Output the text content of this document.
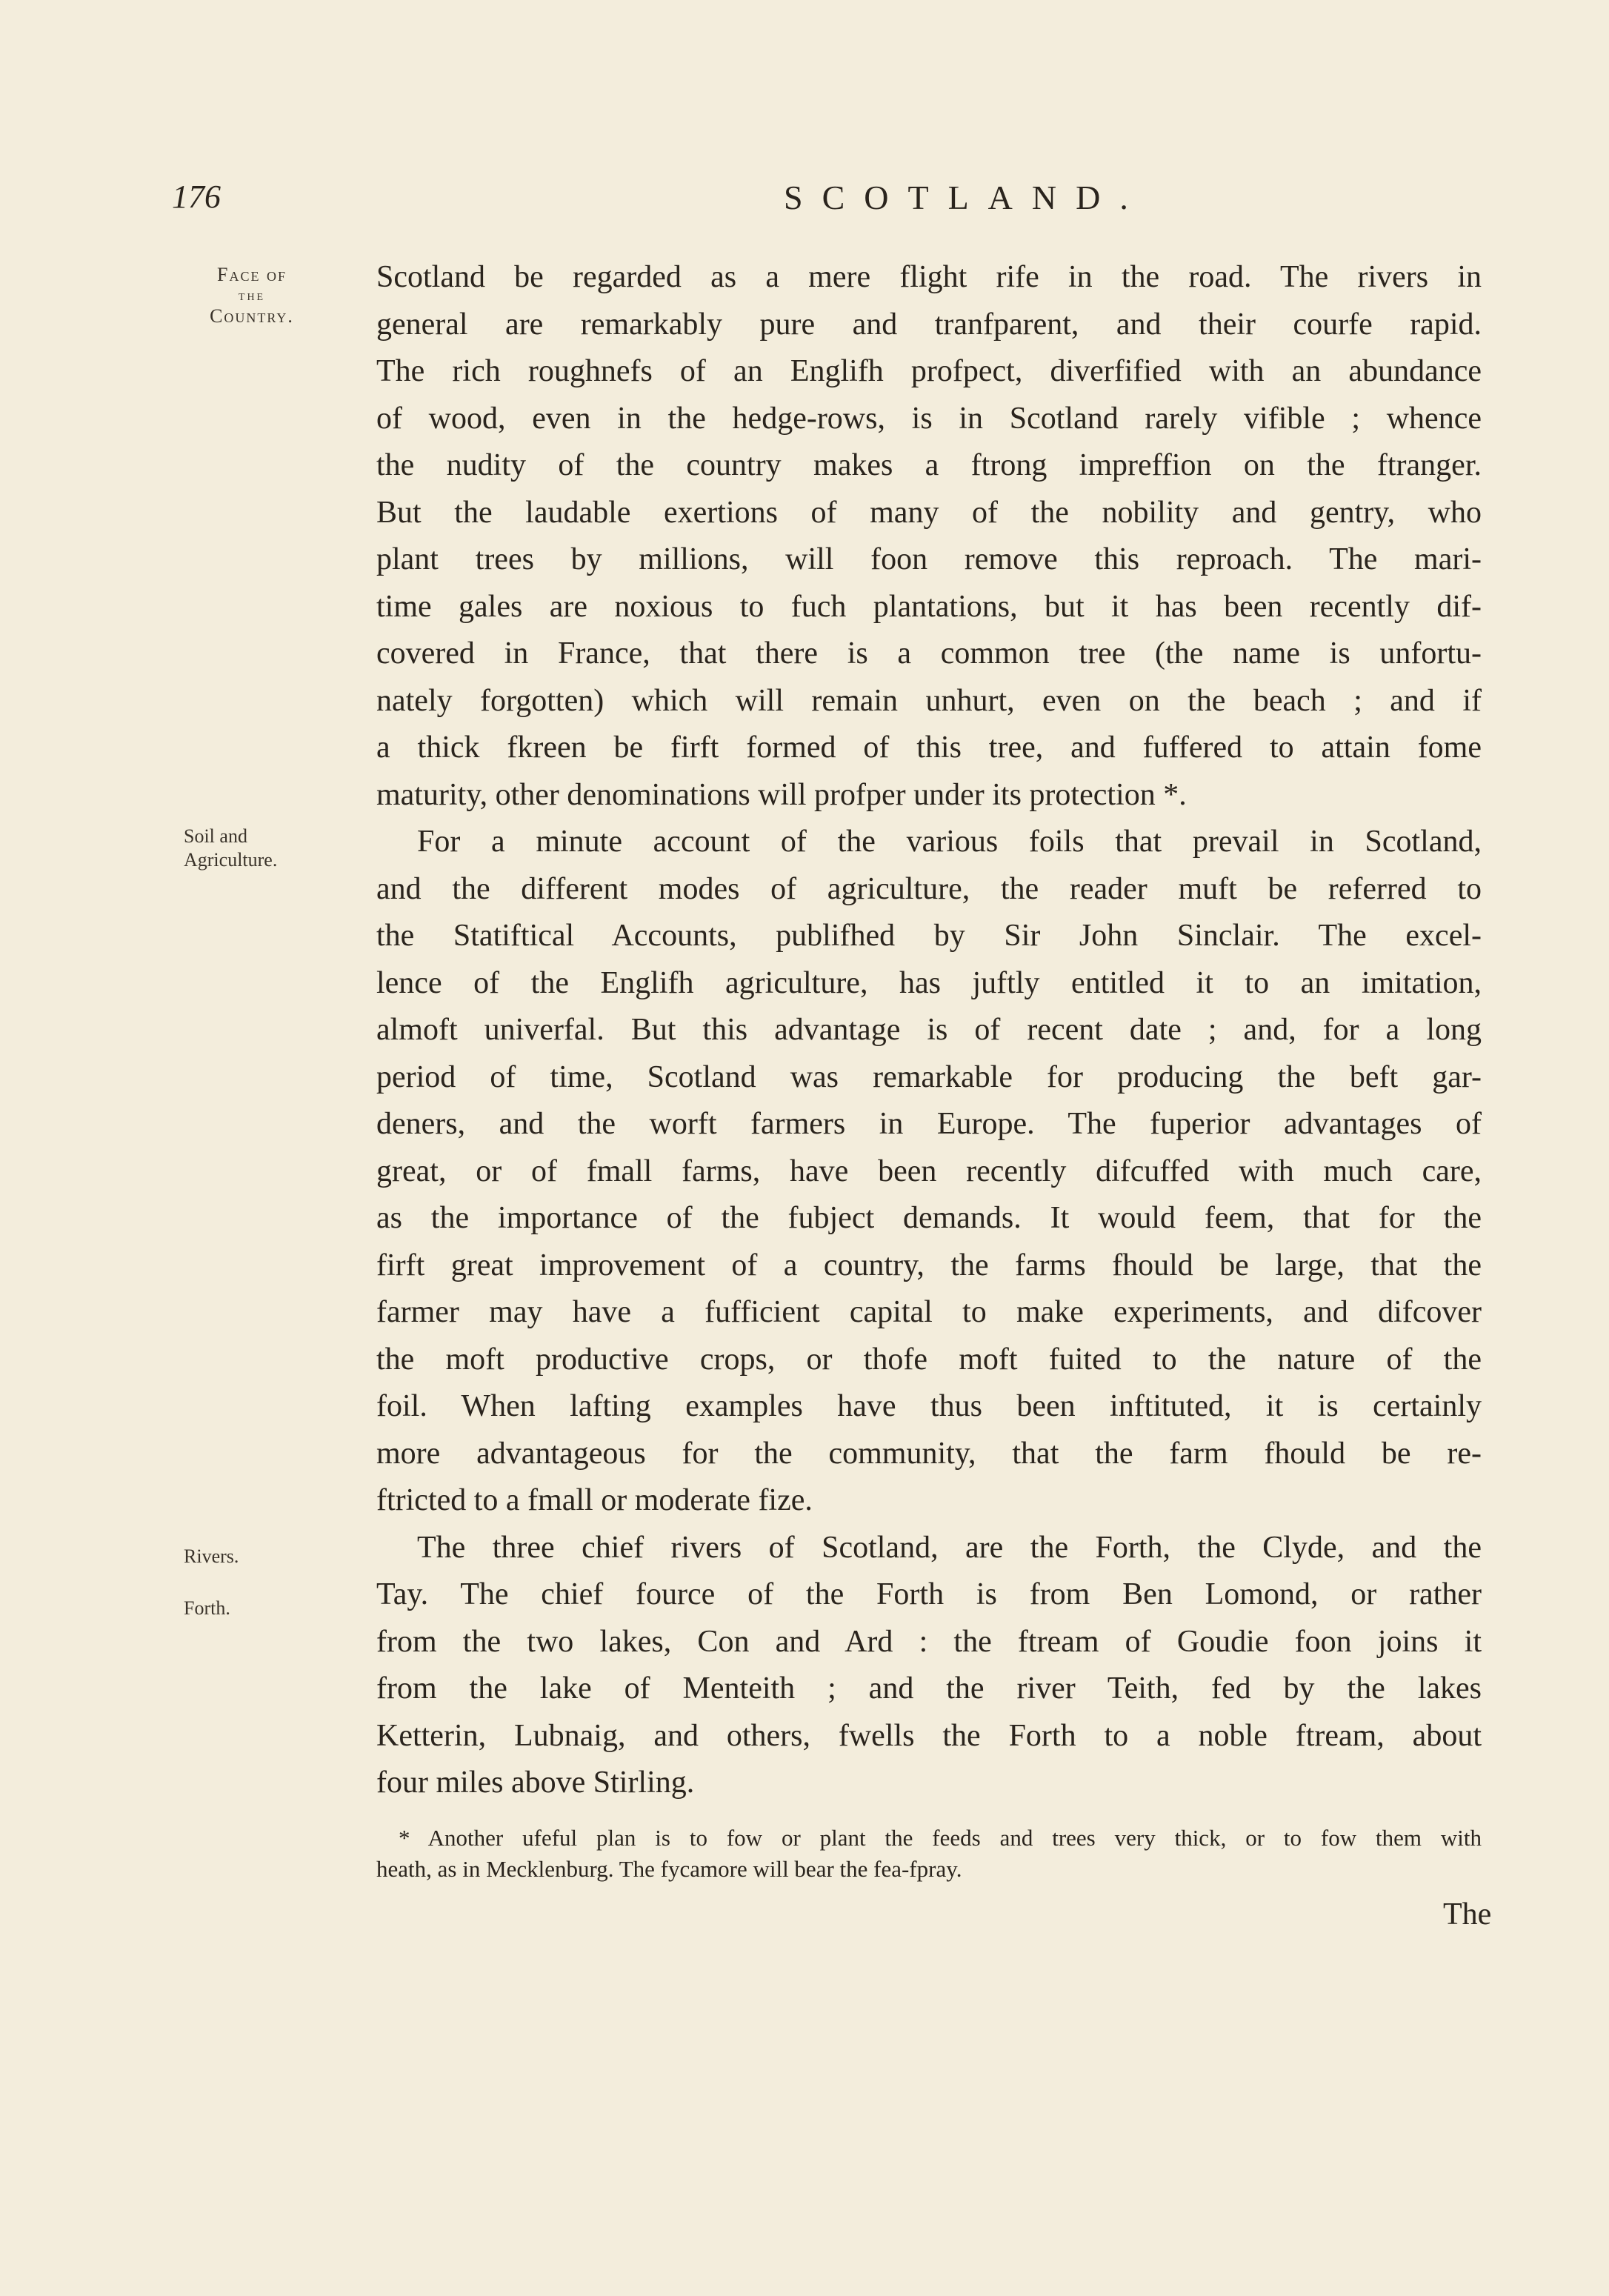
176	SCOTLAND.
Face of
the
Country.
Soil and
Agriculture.
Rivers.
Forth.
Scotland be regarded as a mere flight rife in the road. The rivers in
general are remarkably pure and tranfparent, and their courfe rapid.
The rich roughnefs of an Englifh profpect, diverfified with an abundance
of wood, even in the hedge-rows, is in Scotland rarely vifible ; whence
the nudity of the country makes a ftrong impreffion on the ftranger.
But the laudable exertions of many of the nobility and gentry, who
plant trees by millions, will foon remove this reproach. The mari-
time gales are noxious to fuch plantations, but it has been recently dif-
covered in France, that there is a common tree (the name is unfortu-
nately forgotten) which will remain unhurt, even on the beach ; and if
a thick fkreen be firft formed of this tree, and fuffered to attain fome
maturity, other denominations will profper under its protection *.
For a minute account of the various foils that prevail in Scotland,
and the different modes of agriculture, the reader muft be referred to
the Statiftical Accounts, publifhed by Sir John Sinclair. The excel-
lence of the Englifh agriculture, has juftly entitled it to an imitation,
almoft univerfal. But this advantage is of recent date ; and, for a long
period of time, Scotland was remarkable for producing the beft gar-
deners, and the worft farmers in Europe. The fuperior advantages of
great, or of fmall farms, have been recently difcuffed with much care,
as the importance of the fubject demands. It would feem, that for the
firft great improvement of a country, the farms fhould be large, that the
farmer may have a fufficient capital to make experiments, and difcover
the moft productive crops, or thofe moft fuited to the nature of the
foil. When lafting examples have thus been inftituted, it is certainly
more advantageous for the community, that the farm fhould be re-
ftricted to a fmall or moderate fize.
The three chief rivers of Scotland, are the Forth, the Clyde, and the
Tay. The chief fource of the Forth is from Ben Lomond, or rather
from the two lakes, Con and Ard : the ftream of Goudie foon joins it
from the lake of Menteith ; and the river Teith, fed by the lakes
Ketterin, Lubnaig, and others, fwells the Forth to a noble ftream, about
four miles above Stirling.
* Another ufeful plan is to fow or plant the feeds and trees very thick, or to fow them with
heath, as in Mecklenburg. The fycamore will bear the fea-fpray.
The
